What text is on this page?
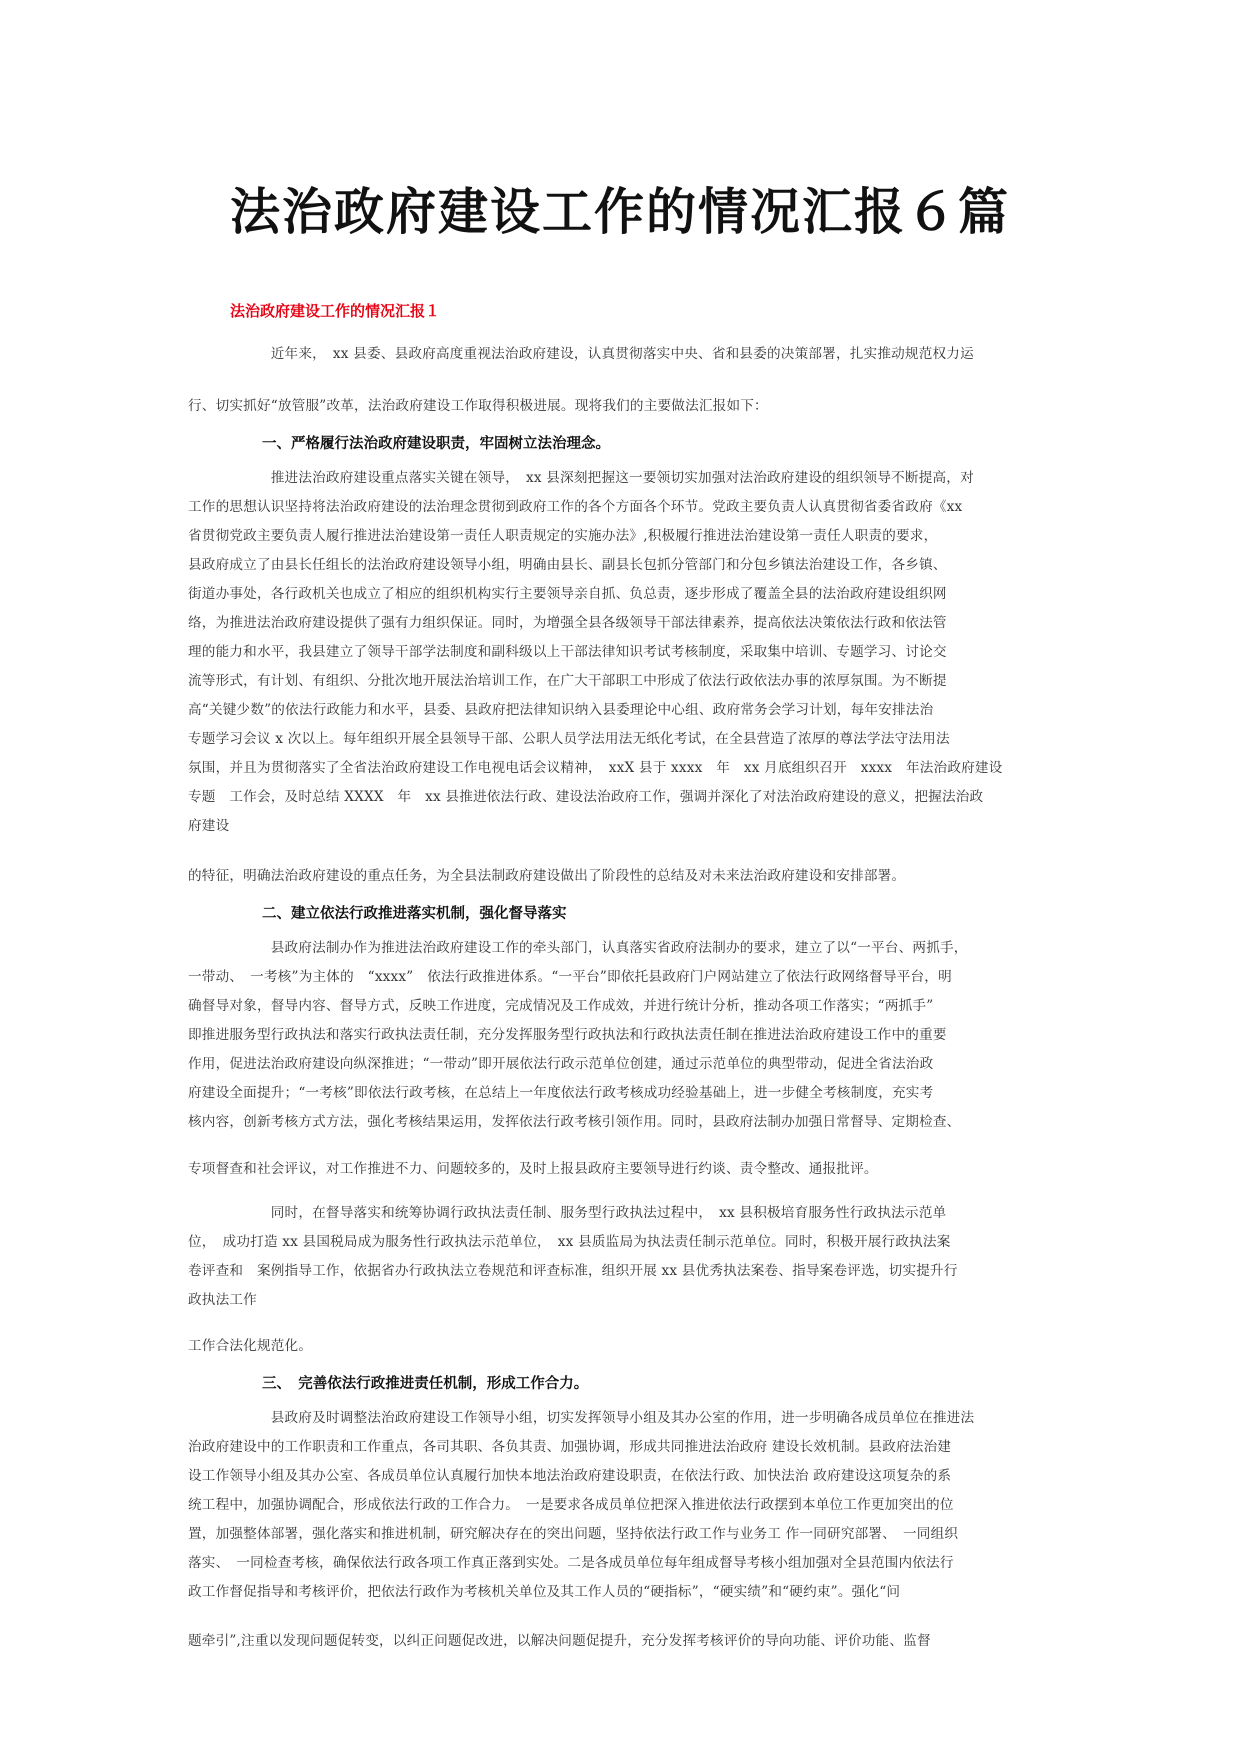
法治政府建设工作的情况汇报６篇

法治政府建设工作的情况汇报１

　　　　　　近年来，　xx 县委、县政府高度重视法治政府建设，认真贯彻落实中央、省和县委的决策部署，扎实推动规范权力运

行、切实抓好“放管服”改革，法治政府建设工作取得积极进展。现将我们的主要做法汇报如下：

一、严格履行法治政府建设职责，牢固树立法治理念。

　　　　　　推进法治政府建设重点落实关键在领导，　xx 县深刻把握这一要领切实加强对法治政府建设的组织领导不断提高，对

工作的思想认识坚持将法治政府建设的法治理念贯彻到政府工作的各个方面各个环节。党政主要负责人认真贯彻省委省政府《xx

省贯彻党政主要负责人履行推进法治建设第一责任人职责规定的实施办法》,积极履行推进法治建设第一责任人职责的要求，

县政府成立了由县长任组长的法治政府建设领导小组，明确由县长、副县长包抓分管部门和分包乡镇法治建设工作，各乡镇、

街道办事处，各行政机关也成立了相应的组织机构实行主要领导亲自抓、负总责，逐步形成了覆盖全县的法治政府建设组织网

络，为推进法治政府建设提供了强有力组织保证。同时，为增强全县各级领导干部法律素养，提高依法决策依法行政和依法管

理的能力和水平，我县建立了领导干部学法制度和副科级以上干部法律知识考试考核制度，采取集中培训、专题学习、讨论交

流等形式，有计划、有组织、分批次地开展法治培训工作，在广大干部职工中形成了依法行政依法办事的浓厚氛围。为不断提

高“关键少数”的依法行政能力和水平，县委、县政府把法律知识纳入县委理论中心组、政府常务会学习计划，每年安排法治

专题学习会议 x 次以上。每年组织开展全县领导干部、公职人员学法用法无纸化考试，在全县营造了浓厚的尊法学法守法用法

氛围，并且为贯彻落实了全省法治政府建设工作电视电话会议精神，　xxX 县于 xxxx　年　xx 月底组织召开　xxxx　年法治政府建设

专题　工作会，及时总结 XXXX　年　xx 县推进依法行政、建设法治政府工作，强调并深化了对法治政府建设的意义，把握法治政

府建设

的特征，明确法治政府建设的重点任务，为全县法制政府建设做出了阶段性的总结及对未来法治政府建设和安排部署。

二、建立依法行政推进落实机制，强化督导落实

　　　　　　县政府法制办作为推进法治政府建设工作的牵头部门，认真落实省政府法制办的要求，建立了以“一平台、两抓手，

一带动、　一考核”为主体的　“xxxx”　依法行政推进体系。“一平台”即依托县政府门户网站建立了依法行政网络督导平台，明

确督导对象，督导内容、督导方式，反映工作进度，完成情况及工作成效，并进行统计分析，推动各项工作落实；“两抓手”

即推进服务型行政执法和落实行政执法责任制，充分发挥服务型行政执法和行政执法责任制在推进法治政府建设工作中的重要

作用，促进法治政府建设向纵深推进；“一带动”即开展依法行政示范单位创建，通过示范单位的典型带动，促进全省法治政

府建设全面提升；“一考核”即依法行政考核，在总结上一年度依法行政考核成功经验基础上，进一步健全考核制度，充实考

核内容，创新考核方式方法，强化考核结果运用，发挥依法行政考核引领作用。同时，县政府法制办加强日常督导、定期检查、

专项督查和社会评议，对工作推进不力、问题较多的，及时上报县政府主要领导进行约谈、责令整改、通报批评。

　　　　　　同时，在督导落实和统筹协调行政执法责任制、服务型行政执法过程中，　xx 县积极培育服务性行政执法示范单

位，　成功打造 xx 县国税局成为服务性行政执法示范单位，　xx 县质监局为执法责任制示范单位。同时，积极开展行政执法案

卷评查和　案例指导工作，依据省办行政执法立卷规范和评查标准，组织开展 xx 县优秀执法案卷、指导案卷评选，切实提升行

政执法工作

工作合法化规范化。

三、　完善依法行政推进责任机制，形成工作合力。

　　　　　　县政府及时调整法治政府建设工作领导小组，切实发挥领导小组及其办公室的作用，进一步明确各成员单位在推进法

治政府建设中的工作职责和工作重点，各司其职、各负其责、加强协调，形成共同推进法治政府 建设长效机制。县政府法治建

设工作领导小组及其办公室、各成员单位认真履行加快本地法治政府建设职责，在依法行政、加快法治 政府建设这项复杂的系

统工程中，加强协调配合，形成依法行政的工作合力。　一是要求各成员单位把深入推进依法行政摆到本单位工作更加突出的位

置，加强整体部署，强化落实和推进机制，研究解决存在的突出问题，坚持依法行政工作与业务工 作一同研究部署、　一同组织

落实、　一同检查考核，确保依法行政各项工作真正落到实处。二是各成员单位每年组成督导考核小组加强对全县范围内依法行

政工作督促指导和考核评价，把依法行政作为考核机关单位及其工作人员的“硬指标”，“硬实绩”和“硬约束”。强化“问

题牵引”,注重以发现问题促转变，以纠正问题促改进，以解决问题促提升，充分发挥考核评价的导向功能、评价功能、监督
